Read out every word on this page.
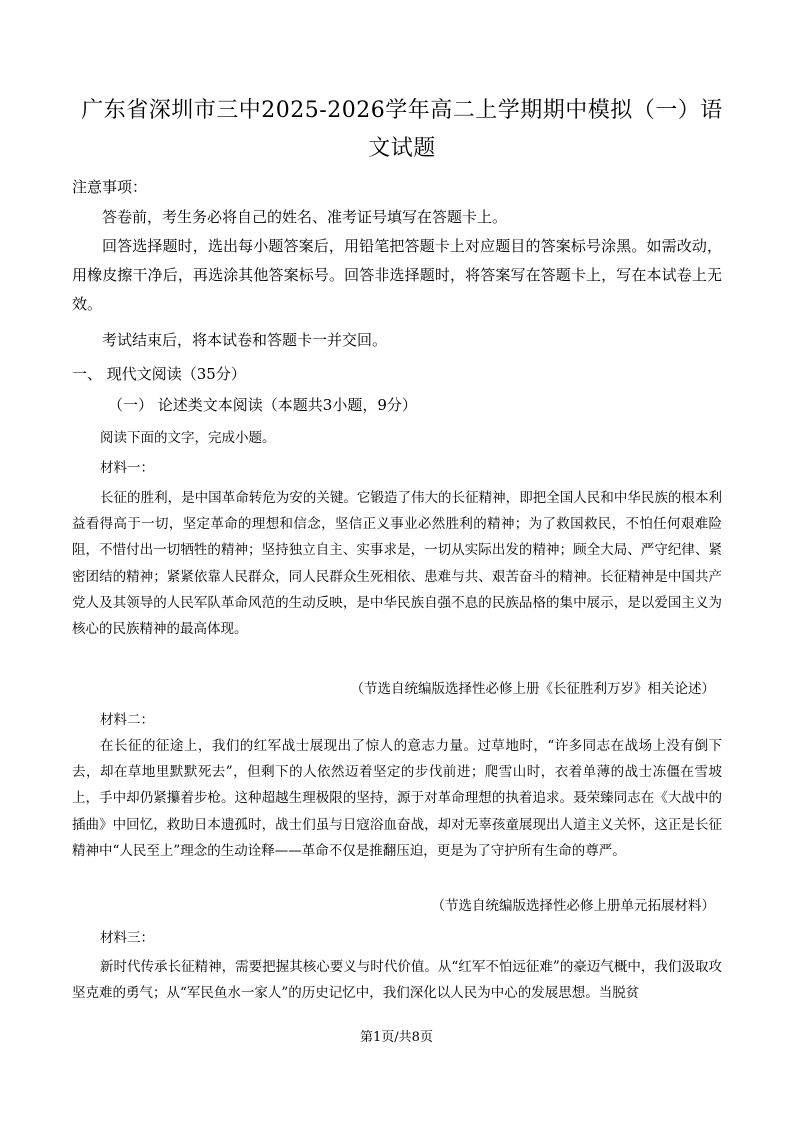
广东省深圳市三中2025-2026学年高二上学期期中模拟（一）语文试题
注意事项：

答卷前，考生务必将自己的姓名、准考证号填写在答题卡上。

回答选择题时，选出每小题答案后，用铅笔把答题卡上对应题目的答案标号涂黑。如需改动，用橡皮擦干净后，再选涂其他答案标号。回答非选择题时，将答案写在答题卡上，写在本试卷上无效。

考试结束后，将本试卷和答题卡一并交回。

一、 现代文阅读（35分）
（一） 论述类文本阅读（本题共3小题，9分）
阅读下面的文字，完成小题。
材料一：

长征的胜利，是中国革命转危为安的关键。它锻造了伟大的长征精神，即把全国人民和中华民族的根本利益看得高于一切，坚定革命的理想和信念，坚信正义事业必然胜利的精神；为了救国救民，不怕任何艰难险阻，不惜付出一切牺牲的精神；坚持独立自主、实事求是，一切从实际出发的精神；顾全大局、严守纪律、紧密团结的精神；紧紧依靠人民群众，同人民群众生死相依、患难与共、艰苦奋斗的精神。长征精神是中国共产党人及其领导的人民军队革命风范的生动反映，是中华民族自强不息的民族品格的集中展示，是以爱国主义为核心的民族精神的最高体现。

（节选自统编版选择性必修上册《长征胜利万岁》相关论述）
材料二：

在长征的征途上，我们的红军战士展现出了惊人的意志力量。过草地时，“许多同志在战场上没有倒下去，却在草地里默默死去”，但剩下的人依然迈着坚定的步伐前进；爬雪山时，衣着单薄的战士冻僵在雪坡上，手中却仍紧攥着步枪。这种超越生理极限的坚持，源于对革命理想的执着追求。聂荣臻同志在《大战中的插曲》中回忆，救助日本遗孤时，战士们虽与日寇浴血奋战，却对无辜孩童展现出人道主义关怀，这正是长征精神中“人民至上”理念的生动诠释——革命不仅是推翻压迫，更是为了守护所有生命的尊严。

（节选自统编版选择性必修上册单元拓展材料）
材料三：

新时代传承长征精神，需要把握其核心要义与时代价值。从“红军不怕远征难”的豪迈气概中，我们汲取攻坚克难的勇气；从“军民鱼水一家人”的历史记忆中，我们深化以人民为中心的发展思想。当脱贫

第1页/共8页
